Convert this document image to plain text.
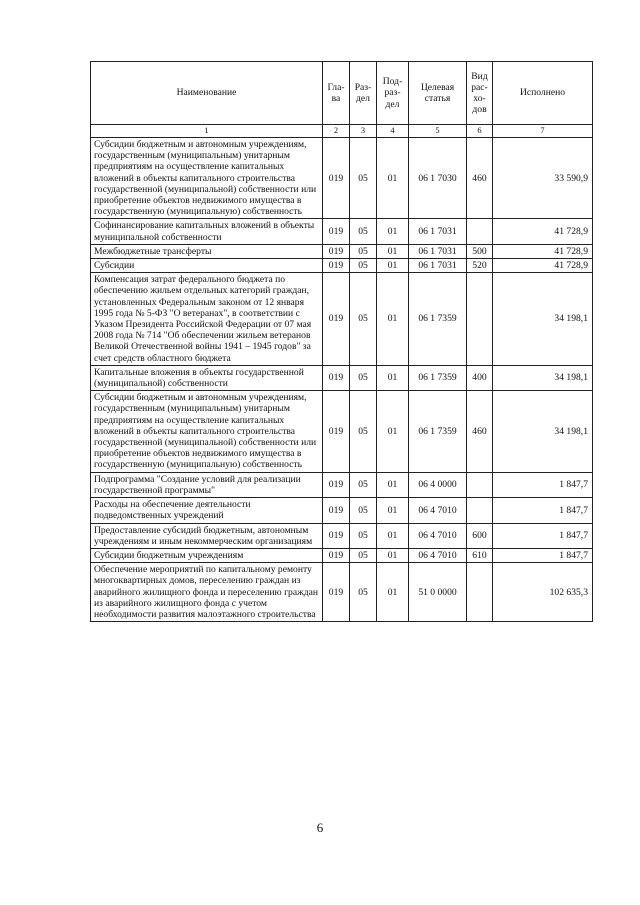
Наименование	Гла-ва	Раз-дел	Под-раз-дел	Целевая статья	Вид рас-хо-дов	Исполнено
1	2	3	4	5	6	7
Субсидии бюджетным и автономным учреждениям, государственным (муниципальным) унитарным предприятиям на осуществление капитальных вложений в объекты капитального строительства государственной (муниципальной) собственности или приобретение объектов недвижимого имущества в государственную (муниципальную) собственность	019	05	01	06 1 7030	460	33 590,9
Софинансирование капитальных вложений в объекты муниципальной собственности	019	05	01	06 1 7031		41 728,9
Межбюджетные трансферты	019	05	01	06 1 7031	500	41 728,9
Субсидии	019	05	01	06 1 7031	520	41 728,9
Компенсация затрат федерального бюджета по обеспечению жильем отдельных категорий граждан, установленных Федеральным законом от 12 января 1995 года № 5-ФЗ "О ветеранах", в соответствии с Указом Президента Российской Федерации от 07 мая 2008 года № 714 "Об обеспечении жильем ветеранов Великой Отечественной войны 1941 – 1945 годов" за счет средств областного бюджета	019	05	01	06 1 7359		34 198,1
Капитальные вложения в объекты государственной (муниципальной) собственности	019	05	01	06 1 7359	400	34 198,1
Субсидии бюджетным и автономным учреждениям, государственным (муниципальным) унитарным предприятиям на осуществление капитальных вложений в объекты капитального строительства государственной (муниципальной) собственности или приобретение объектов недвижимого имущества в государственную (муниципальную) собственность	019	05	01	06 1 7359	460	34 198,1
Подпрограмма "Создание условий для реализации государственной программы"	019	05	01	06 4 0000		1 847,7
Расходы на обеспечение деятельности подведомственных учреждений	019	05	01	06 4 7010		1 847,7
Предоставление субсидий бюджетным, автономным учреждениям и иным некоммерческим организациям	019	05	01	06 4 7010	600	1 847,7
Субсидии бюджетным учреждениям	019	05	01	06 4 7010	610	1 847,7
Обеспечение мероприятий по капитальному ремонту многоквартирных домов, переселению граждан из аварийного жилищного фонда и переселению граждан из аварийного жилищного фонда с учетом необходимости развития малоэтажного строительства	019	05	01	51 0 0000		102 635,3
6
